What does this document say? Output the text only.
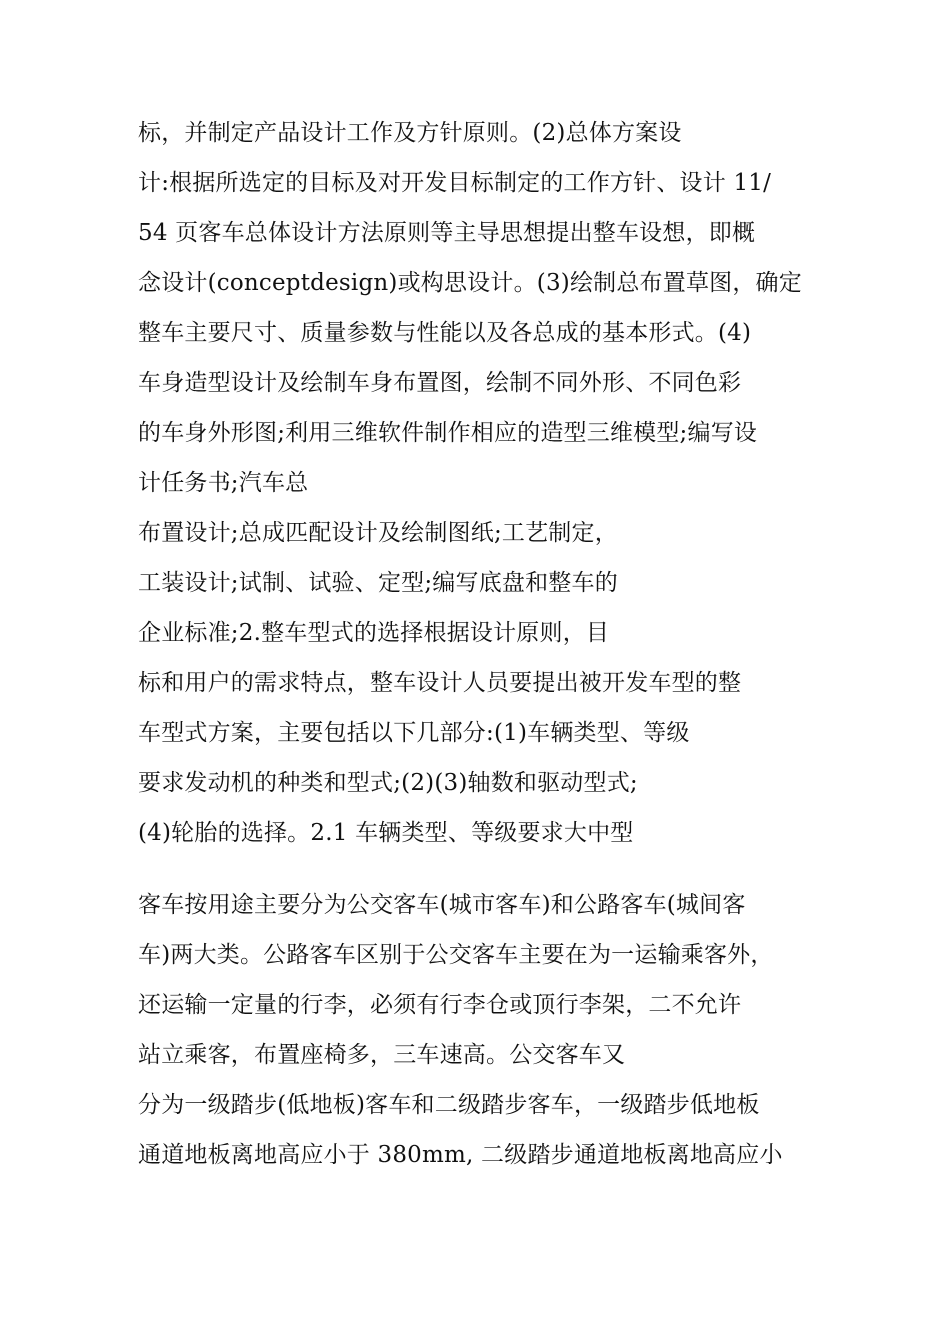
标，并制定产品设计工作及方针原则。(2)总体方案设
计:根据所选定的目标及对开发目标制定的工作方针、设计 11/
54 页客车总体设计方法原则等主导思想提出整车设想，即概
念设计(conceptdesign)或构思设计。(3)绘制总布置草图，确定
整车主要尺寸、质量参数与性能以及各总成的基本形式。(4)
车身造型设计及绘制车身布置图，绘制不同外形、不同色彩
的车身外形图;利用三维软件制作相应的造型三维模型;编写设
计任务书;汽车总
布置设计;总成匹配设计及绘制图纸;工艺制定，
工装设计;试制、试验、定型;编写底盘和整车的
企业标准;2.整车型式的选择根据设计原则，目
标和用户的需求特点，整车设计人员要提出被开发车型的整
车型式方案，主要包括以下几部分:(1)车辆类型、等级
要求发动机的种类和型式;(2)(3)轴数和驱动型式;
(4)轮胎的选择。2.1 车辆类型、等级要求大中型
客车按用途主要分为公交客车(城市客车)和公路客车(城间客
车)两大类。公路客车区别于公交客车主要在为一运输乘客外，
还运输一定量的行李，必须有行李仓或顶行李架，二不允许
站立乘客，布置座椅多，三车速高。公交客车又
分为一级踏步(低地板)客车和二级踏步客车，一级踏步低地板
通道地板离地高应小于 380mm, 二级踏步通道地板离地高应小
